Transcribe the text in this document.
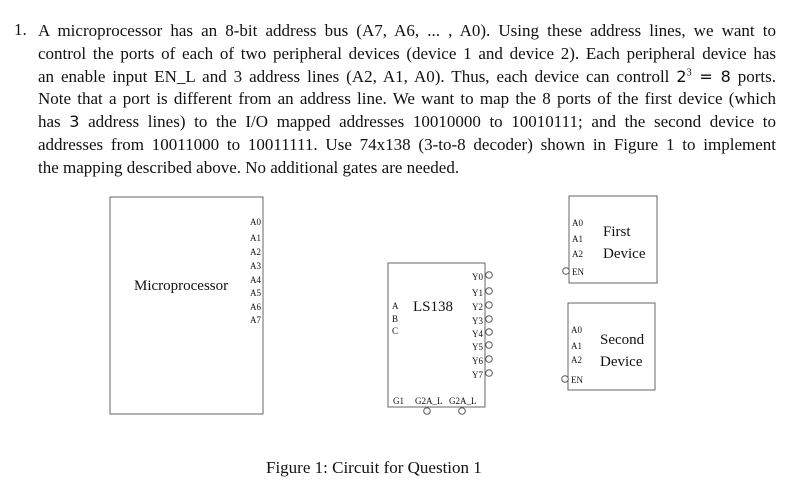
1. A microprocessor has an 8-bit address bus (A7, A6, ... , A0). Using these address lines, we want to
control the ports of each of two peripheral devices (device 1 and device 2). Each peripheral device has
an enable input EN_L and 3 address lines (A2, A1, A0). Thus, each device can controll $2^3 = 8$ ports.
Note that a port is different from an address line. We want to map the 8 ports of the first device (which
has 3 address lines) to the I/O mapped addresses 10010000 to 10010111; and the second device to
addresses from 10011000 to 10011111. Use 74x138 (3-to-8 decoder) shown in Figure 1 to implement
the mapping described above. No additional gates are needed.
Microprocessor
A0
A1
A2
A3
A4
A5
A6
A7
LS138
A
B
C
Y0
Y1
Y2
Y3
Y4
Y5
Y6
Y7
G1 G2A_L G2A_L
A0
A1
A2
EN
First
Device
A0
A1
A2
EN
Second
Device
Figure 1: Circuit for Question 1
